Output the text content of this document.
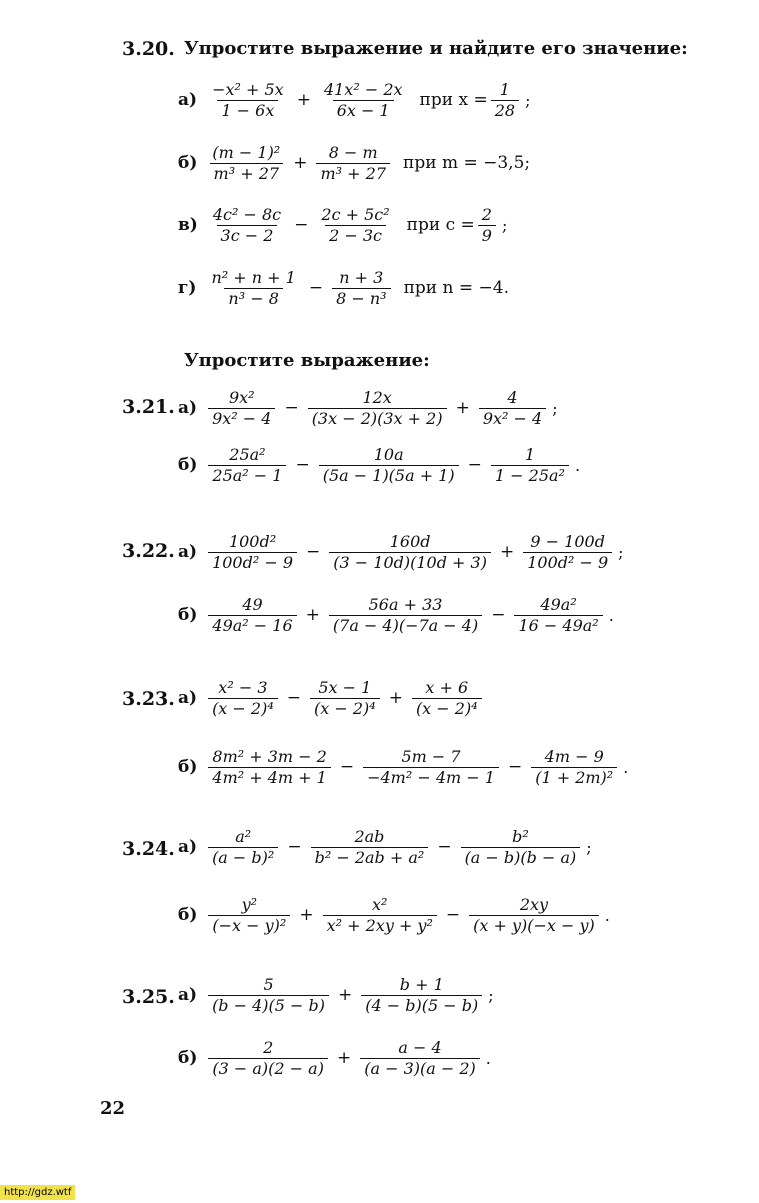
3.20. Упростите выражение и найдите его значение:
Упростите выражение:
3.21.
3.22.
3.23.
3.24.
3.25.
$а) \frac{\text{−x² + 5x}}{1 - 6x} + \frac{\text{41x² − 2x}}{6x - 1}$ при $x = \frac{1}{28}$ ;
$б) \frac{\text{(m − 1)²}}{\text{m³ + 27}} + \frac{8 - m}{\text{m³ + 27}}$ при m = −3,5;
$в) \frac{\text{4c² − 8c}}{3c - 2} - \frac{\text{2c + 5c²}}{2 - 3c}$ при $c = \frac{2}{9}$ ;
$г) \frac{\text{n² + n + 1}}{\text{n³ − 8}} - \frac{n + 3}{\text{8 − n³}}$ при n = −4.
$а) \frac{\text{9x²}}{\text{9x² − 4}} - \frac{12x}{(3x - 2)(3x + 2)} + \frac{4}{\text{9x² − 4}}$ ;
$б) \frac{\text{25a²}}{\text{25a² − 1}} - \frac{10a}{(5a - 1)(5a + 1)} - \frac{1}{\text{1 − 25a²}}$ .
$а) \frac{\text{100d²}}{\text{100d² − 9}} - \frac{160d}{(3 - 10d)(10d + 3)} + \frac{9 - 100d}{\text{100d² − 9}}$ ;
$б) \frac{49}{\text{49a² − 16}} + \frac{56a + 33}{(7a - 4)(-7a - 4)} - \frac{\text{49a²}}{\text{16 − 49a²}}$ .
$а) \frac{\text{x² − 3}}{\text{(x − 2)⁴}} - \frac{5x - 1}{\text{(x − 2)⁴}} + \frac{x + 6}{\text{(x − 2)⁴}}$
$б) \frac{\text{8m² + 3m − 2}}{\text{4m² + 4m + 1}} - \frac{5m - 7}{\text{−4m² − 4m − 1}} - \frac{4m - 9}{\text{(1 + 2m)²}}$ .
$а) \frac{\text{a²}}{\text{(a − b)²}} - \frac{2ab}{\text{b² − 2ab + a²}} - \frac{\text{b²}}{(a - b)(b - a)}$ ;
$б) \frac{\text{y²}}{\text{(−x − y)²}} + \frac{\text{x²}}{\text{x² + 2xy + y²}} - \frac{2xy}{(x + y)(-x - y)}$ .
$а) \frac{5}{(b - 4)(5 - b)} + \frac{b + 1}{(4 - b)(5 - b)}$ ;
$б) \frac{2}{(3 - a)(2 - a)} + \frac{a - 4}{(a - 3)(a - 2)}$ .
22
http://gdz.wtf
